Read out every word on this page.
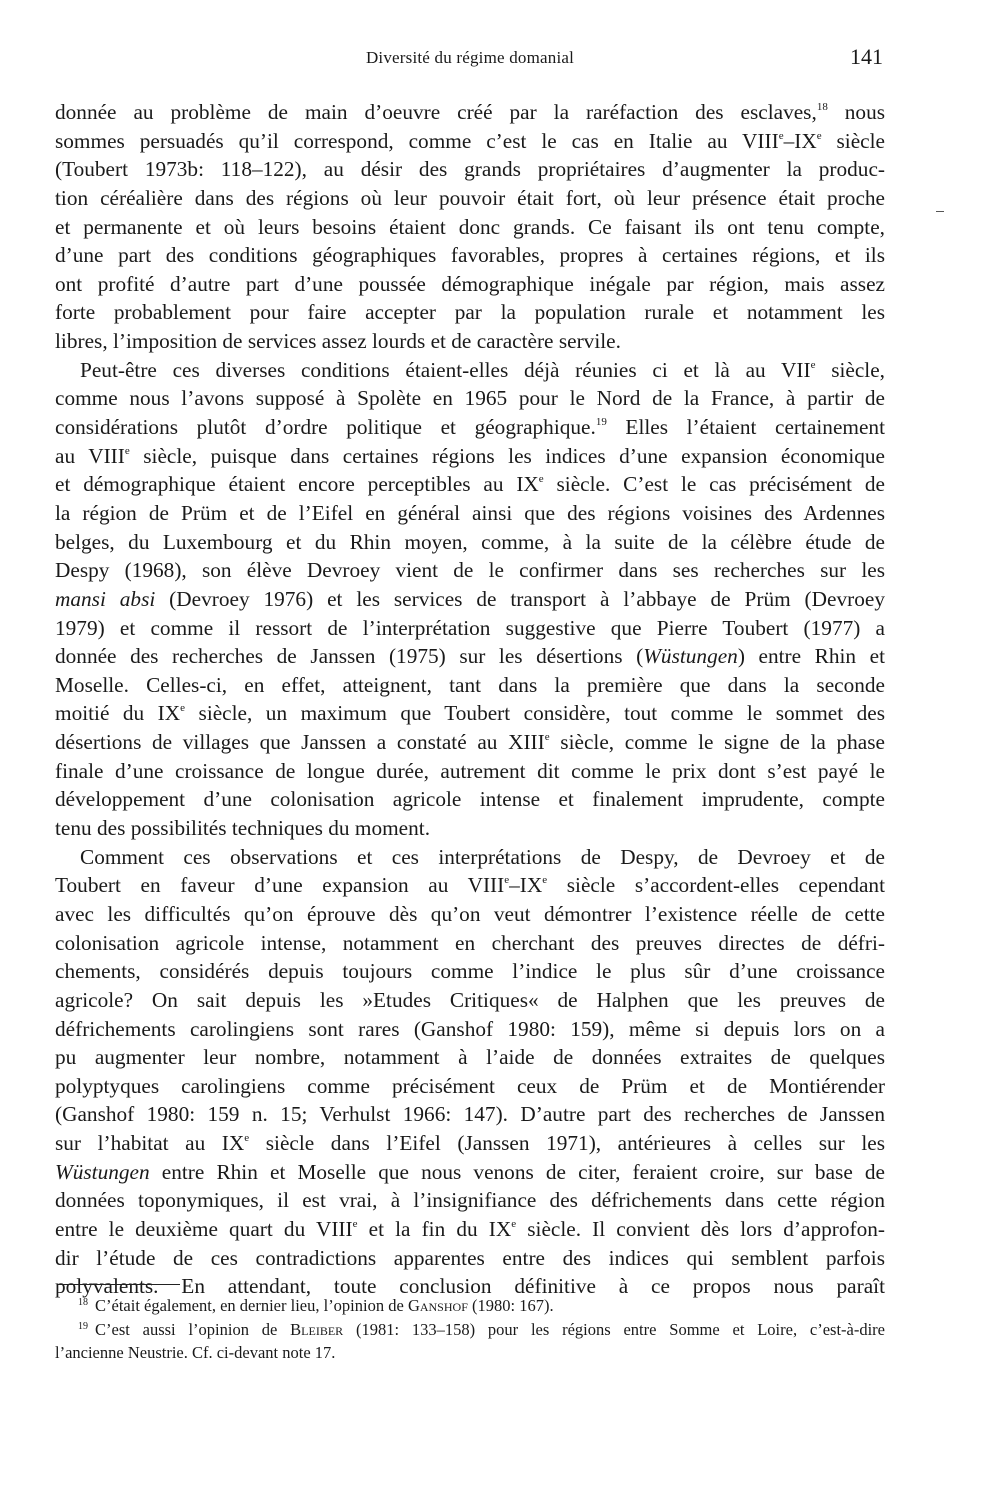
Diversité du régime domanial	141
donnée au problème de main d’oeuvre créé par la raréfaction des esclaves,$^{18}$ nous
sommes persuadés qu’il correspond, comme c’est le cas en Italie au VIIIe–IXe siècle
(Toubert 1973b: 118–122), au désir des grands propriétaires d’augmenter la produc-
tion céréalière dans des régions où leur pouvoir était fort, où leur présence était proche
et permanente et où leurs besoins étaient donc grands. Ce faisant ils ont tenu compte,
d’une part des conditions géographiques favorables, propres à certaines régions, et ils
ont profité d’autre part d’une poussée démographique inégale par région, mais assez
forte probablement pour faire accepter par la population rurale et notamment les
libres, l’imposition de services assez lourds et de caractère servile.
Peut-être ces diverses conditions étaient-elles déjà réunies ci et là au VIIe siècle,
comme nous l’avons supposé à Spolète en 1965 pour le Nord de la France, à partir de
considérations plutôt d’ordre politique et géographique.$^{19}$ Elles l’étaient certainement
au VIIIe siècle, puisque dans certaines régions les indices d’une expansion économique
et démographique étaient encore perceptibles au IXe siècle. C’est le cas précisément de
la région de Prüm et de l’Eifel en général ainsi que des régions voisines des Ardennes
belges, du Luxembourg et du Rhin moyen, comme, à la suite de la célèbre étude de
Despy (1968), son élève Devroey vient de le confirmer dans ses recherches sur les
mansi absi (Devroey 1976) et les services de transport à l’abbaye de Prüm (Devroey
1979) et comme il ressort de l’interprétation suggestive que Pierre Toubert (1977) a
donnée des recherches de Janssen (1975) sur les désertions (Wüstungen) entre Rhin et
Moselle. Celles-ci, en effet, atteignent, tant dans la première que dans la seconde
moitié du IXe siècle, un maximum que Toubert considère, tout comme le sommet des
désertions de villages que Janssen a constaté au XIIIe siècle, comme le signe de la phase
finale d’une croissance de longue durée, autrement dit comme le prix dont s’est payé le
développement d’une colonisation agricole intense et finalement imprudente, compte
tenu des possibilités techniques du moment.
Comment ces observations et ces interprétations de Despy, de Devroey et de
Toubert en faveur d’une expansion au VIIIe–IXe siècle s’accordent-elles cependant
avec les difficultés qu’on éprouve dès qu’on veut démontrer l’existence réelle de cette
colonisation agricole intense, notamment en cherchant des preuves directes de défri-
chements, considérés depuis toujours comme l’indice le plus sûr d’une croissance
agricole? On sait depuis les »Etudes Critiques« de Halphen que les preuves de
défrichements carolingiens sont rares (Ganshof 1980: 159), même si depuis lors on a
pu augmenter leur nombre, notamment à l’aide de données extraites de quelques
polyptyques carolingiens comme précisément ceux de Prüm et de Montiérender
(Ganshof 1980: 159 n. 15; Verhulst 1966: 147). D’autre part des recherches de Janssen
sur l’habitat au IXe siècle dans l’Eifel (Janssen 1971), antérieures à celles sur les
Wüstungen entre Rhin et Moselle que nous venons de citer, feraient croire, sur base de
données toponymiques, il est vrai, à l’insignifiance des défrichements dans cette région
entre le deuxième quart du VIIIe et la fin du IXe siècle. Il convient dès lors d’approfon-
dir l’étude de ces contradictions apparentes entre des indices qui semblent parfois
polyvalents. En attendant, toute conclusion définitive à ce propos nous paraît
$^{18}$ C’était également, en dernier lieu, l’opinion de Ganshof (1980: 167).
$^{19}$ C’est aussi l’opinion de Bleiber (1981: 133–158) pour les régions entre Somme et Loire, c’est-à-dire
l’ancienne Neustrie. Cf. ci-devant note 17.
